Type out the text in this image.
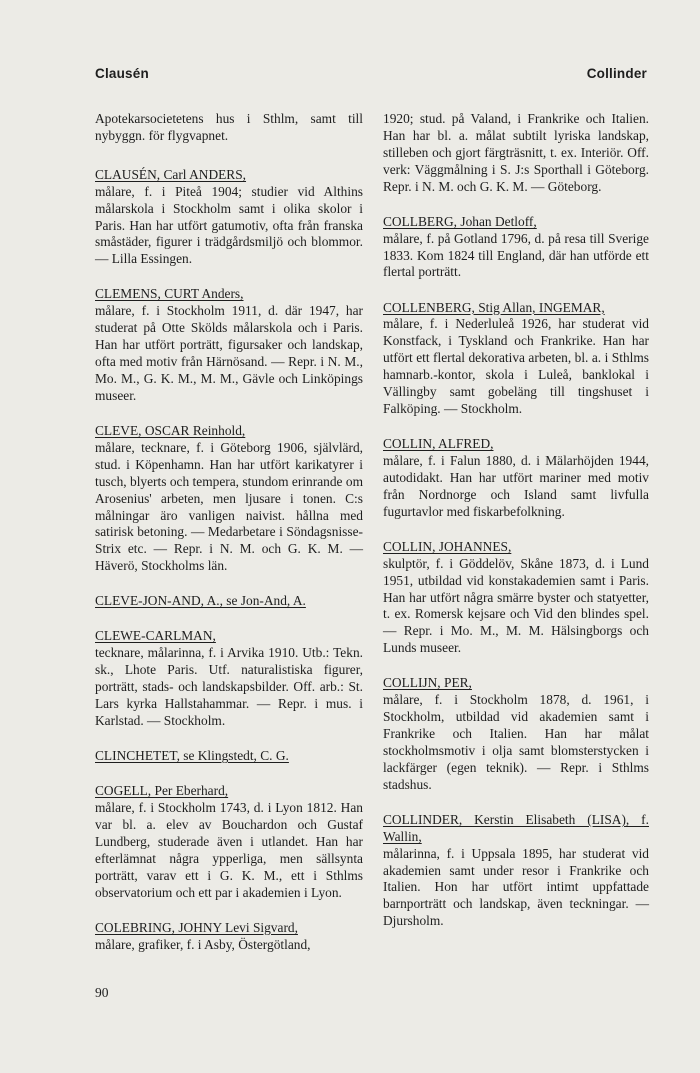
Clausén	Collinder

Apotekarsocietetens hus i Sthlm, samt till nybyggn. för flygvapnet.

CLAUSÉN, Carl ANDERS,
målare, f. i Piteå 1904; studier vid Althins målarskola i Stockholm samt i olika skolor i Paris. Han har utfört gatumotiv, ofta från franska småstäder, figurer i trädgårdsmiljö och blommor. — Lilla Essingen.

CLEMENS, CURT Anders,
målare, f. i Stockholm 1911, d. där 1947, har studerat på Otte Skölds målarskola och i Paris. Han har utfört porträtt, figursaker och landskap, ofta med motiv från Härnösand. — Repr. i N. M., Mo. M., G. K. M., M. M., Gävle och Linköpings museer.

CLEVE, OSCAR Reinhold,
målare, tecknare, f. i Göteborg 1906, självlärd, stud. i Köpenhamn. Han har utfört karikatyrer i tusch, blyerts och tempera, stundom erinrande om Arosenius' arbeten, men ljusare i tonen. C:s målningar äro vanligen naivist. hållna med satirisk betoning. — Medarbetare i Söndagsnisse-Strix etc. — Repr. i N. M. och G. K. M. — Häverö, Stockholms län.

CLEVE-JON-AND, A., se Jon-And, A.

CLEWE-CARLMAN,
tecknare, målarinna, f. i Arvika 1910. Utb.: Tekn. sk., Lhote Paris. Utf. naturalistiska figurer, porträtt, stads- och landskapsbilder. Off. arb.: St. Lars kyrka Hallstahammar. — Repr. i mus. i Karlstad. — Stockholm.

CLINCHETET, se Klingstedt, C. G.

COGELL, Per Eberhard,
målare, f. i Stockholm 1743, d. i Lyon 1812. Han var bl. a. elev av Bouchardon och Gustaf Lundberg, studerade även i utlandet. Han har efterlämnat några ypperliga, men sällsynta porträtt, varav ett i G. K. M., ett i Sthlms observatorium och ett par i akademien i Lyon.

COLEBRING, JOHNY Levi Sigvard,
målare, grafiker, f. i Asby, Östergötland,

1920; stud. på Valand, i Frankrike och Italien. Han har bl. a. målat subtilt lyriska landskap, stilleben och gjort färgträsnitt, t. ex. Interiör. Off. verk: Väggmålning i S. J:s Sporthall i Göteborg. Repr. i N. M. och G. K. M. — Göteborg.

COLLBERG, Johan Detloff,
målare, f. på Gotland 1796, d. på resa till Sverige 1833. Kom 1824 till England, där han utförde ett flertal porträtt.

COLLENBERG, Stig Allan, INGEMAR,
målare, f. i Nederluleå 1926, har studerat vid Konstfack, i Tyskland och Frankrike. Han har utfört ett flertal dekorativa arbeten, bl. a. i Sthlms hamnarb.-kontor, skola i Luleå, banklokal i Vällingby samt gobeläng till tingshuset i Falköping. — Stockholm.

COLLIN, ALFRED,
målare, f. i Falun 1880, d. i Mälarhöjden 1944, autodidakt. Han har utfört mariner med motiv från Nordnorge och Island samt livfulla fugurtavlor med fiskarbefolkning.

COLLIN, JOHANNES,
skulptör, f. i Göddelöv, Skåne 1873, d. i Lund 1951, utbildad vid konstakademien samt i Paris. Han har utfört några smärre byster och statyetter, t. ex. Romersk kejsare och Vid den blindes spel. — Repr. i Mo. M., M. M. Hälsingborgs och Lunds museer.

COLLIJN, PER,
målare, f. i Stockholm 1878, d. 1961, i Stockholm, utbildad vid akademien samt i Frankrike och Italien. Han har målat stockholmsmotiv i olja samt blomsterstycken i lackfärger (egen teknik). — Repr. i Sthlms stadshus.

COLLINDER, Kerstin Elisabeth (LISA), f. Wallin,
målarinna, f. i Uppsala 1895, har studerat vid akademien samt under resor i Frankrike och Italien. Hon har utfört intimt uppfattade barnporträtt och landskap, även teckningar. — Djursholm.

90
